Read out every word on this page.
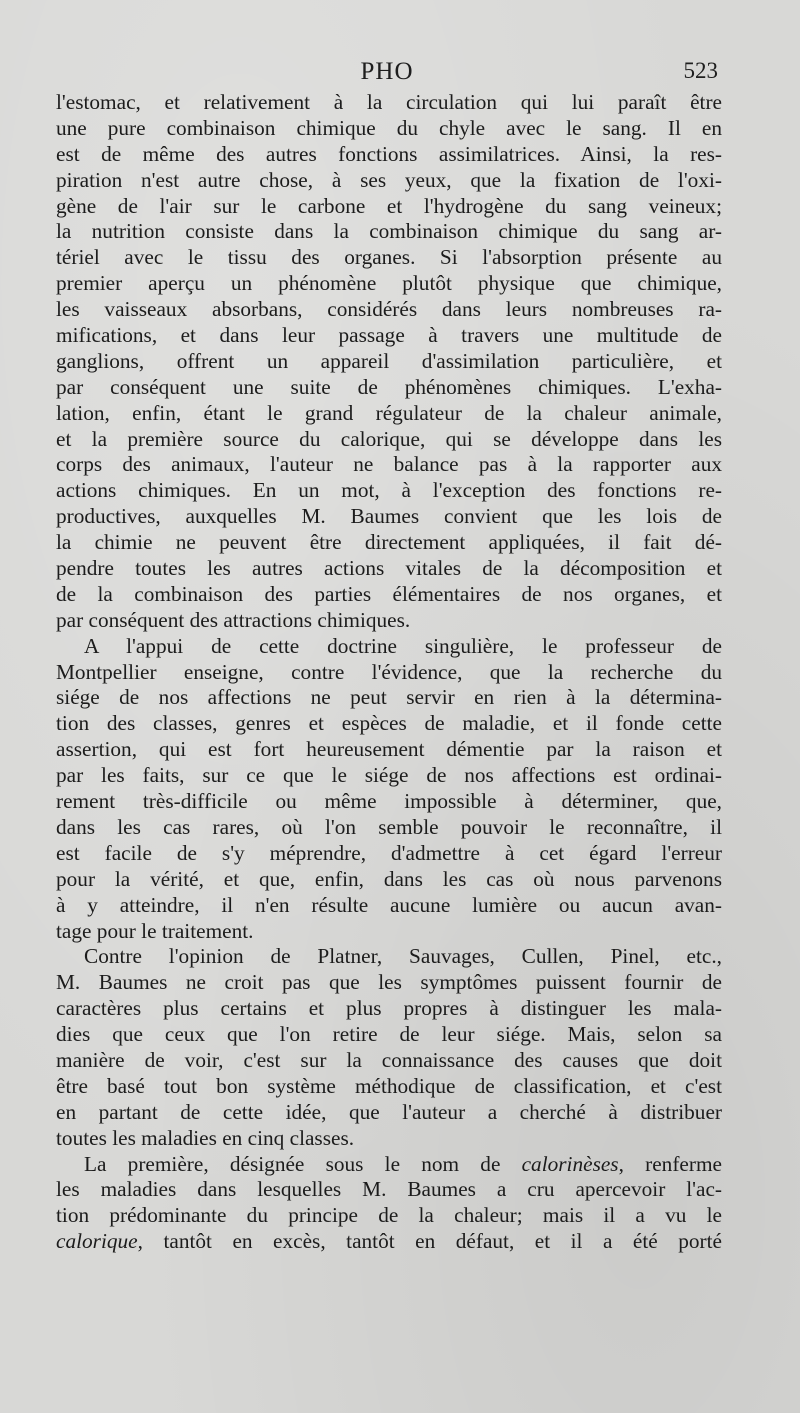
PHO	523
l'estomac, et relativement à la circulation qui lui paraît être
une pure combinaison chimique du chyle avec le sang. Il en
est de même des autres fonctions assimilatrices. Ainsi, la res-
piration n'est autre chose, à ses yeux, que la fixation de l'oxi-
gène de l'air sur le carbone et l'hydrogène du sang veineux;
la nutrition consiste dans la combinaison chimique du sang ar-
tériel avec le tissu des organes. Si l'absorption présente au
premier aperçu un phénomène plutôt physique que chimique,
les vaisseaux absorbans, considérés dans leurs nombreuses ra-
mifications, et dans leur passage à travers une multitude de
ganglions, offrent un appareil d'assimilation particulière, et
par conséquent une suite de phénomènes chimiques. L'exha-
lation, enfin, étant le grand régulateur de la chaleur animale,
et la première source du calorique, qui se développe dans les
corps des animaux, l'auteur ne balance pas à la rapporter aux
actions chimiques. En un mot, à l'exception des fonctions re-
productives, auxquelles M. Baumes convient que les lois de
la chimie ne peuvent être directement appliquées, il fait dé-
pendre toutes les autres actions vitales de la décomposition et
de la combinaison des parties élémentaires de nos organes, et
par conséquent des attractions chimiques.
A l'appui de cette doctrine singulière, le professeur de
Montpellier enseigne, contre l'évidence, que la recherche du
siége de nos affections ne peut servir en rien à la détermina-
tion des classes, genres et espèces de maladie, et il fonde cette
assertion, qui est fort heureusement démentie par la raison et
par les faits, sur ce que le siége de nos affections est ordinai-
rement très-difficile ou même impossible à déterminer, que,
dans les cas rares, où l'on semble pouvoir le reconnaître, il
est facile de s'y méprendre, d'admettre à cet égard l'erreur
pour la vérité, et que, enfin, dans les cas où nous parvenons
à y atteindre, il n'en résulte aucune lumière ou aucun avan-
tage pour le traitement.
Contre l'opinion de Platner, Sauvages, Cullen, Pinel, etc.,
M. Baumes ne croit pas que les symptômes puissent fournir de
caractères plus certains et plus propres à distinguer les mala-
dies que ceux que l'on retire de leur siége. Mais, selon sa
manière de voir, c'est sur la connaissance des causes que doit
être basé tout bon système méthodique de classification, et c'est
en partant de cette idée, que l'auteur a cherché à distribuer
toutes les maladies en cinq classes.
La première, désignée sous le nom de calorinèses, renferme
les maladies dans lesquelles M. Baumes a cru apercevoir l'ac-
tion prédominante du principe de la chaleur; mais il a vu le
calorique, tantôt en excès, tantôt en défaut, et il a été porté
